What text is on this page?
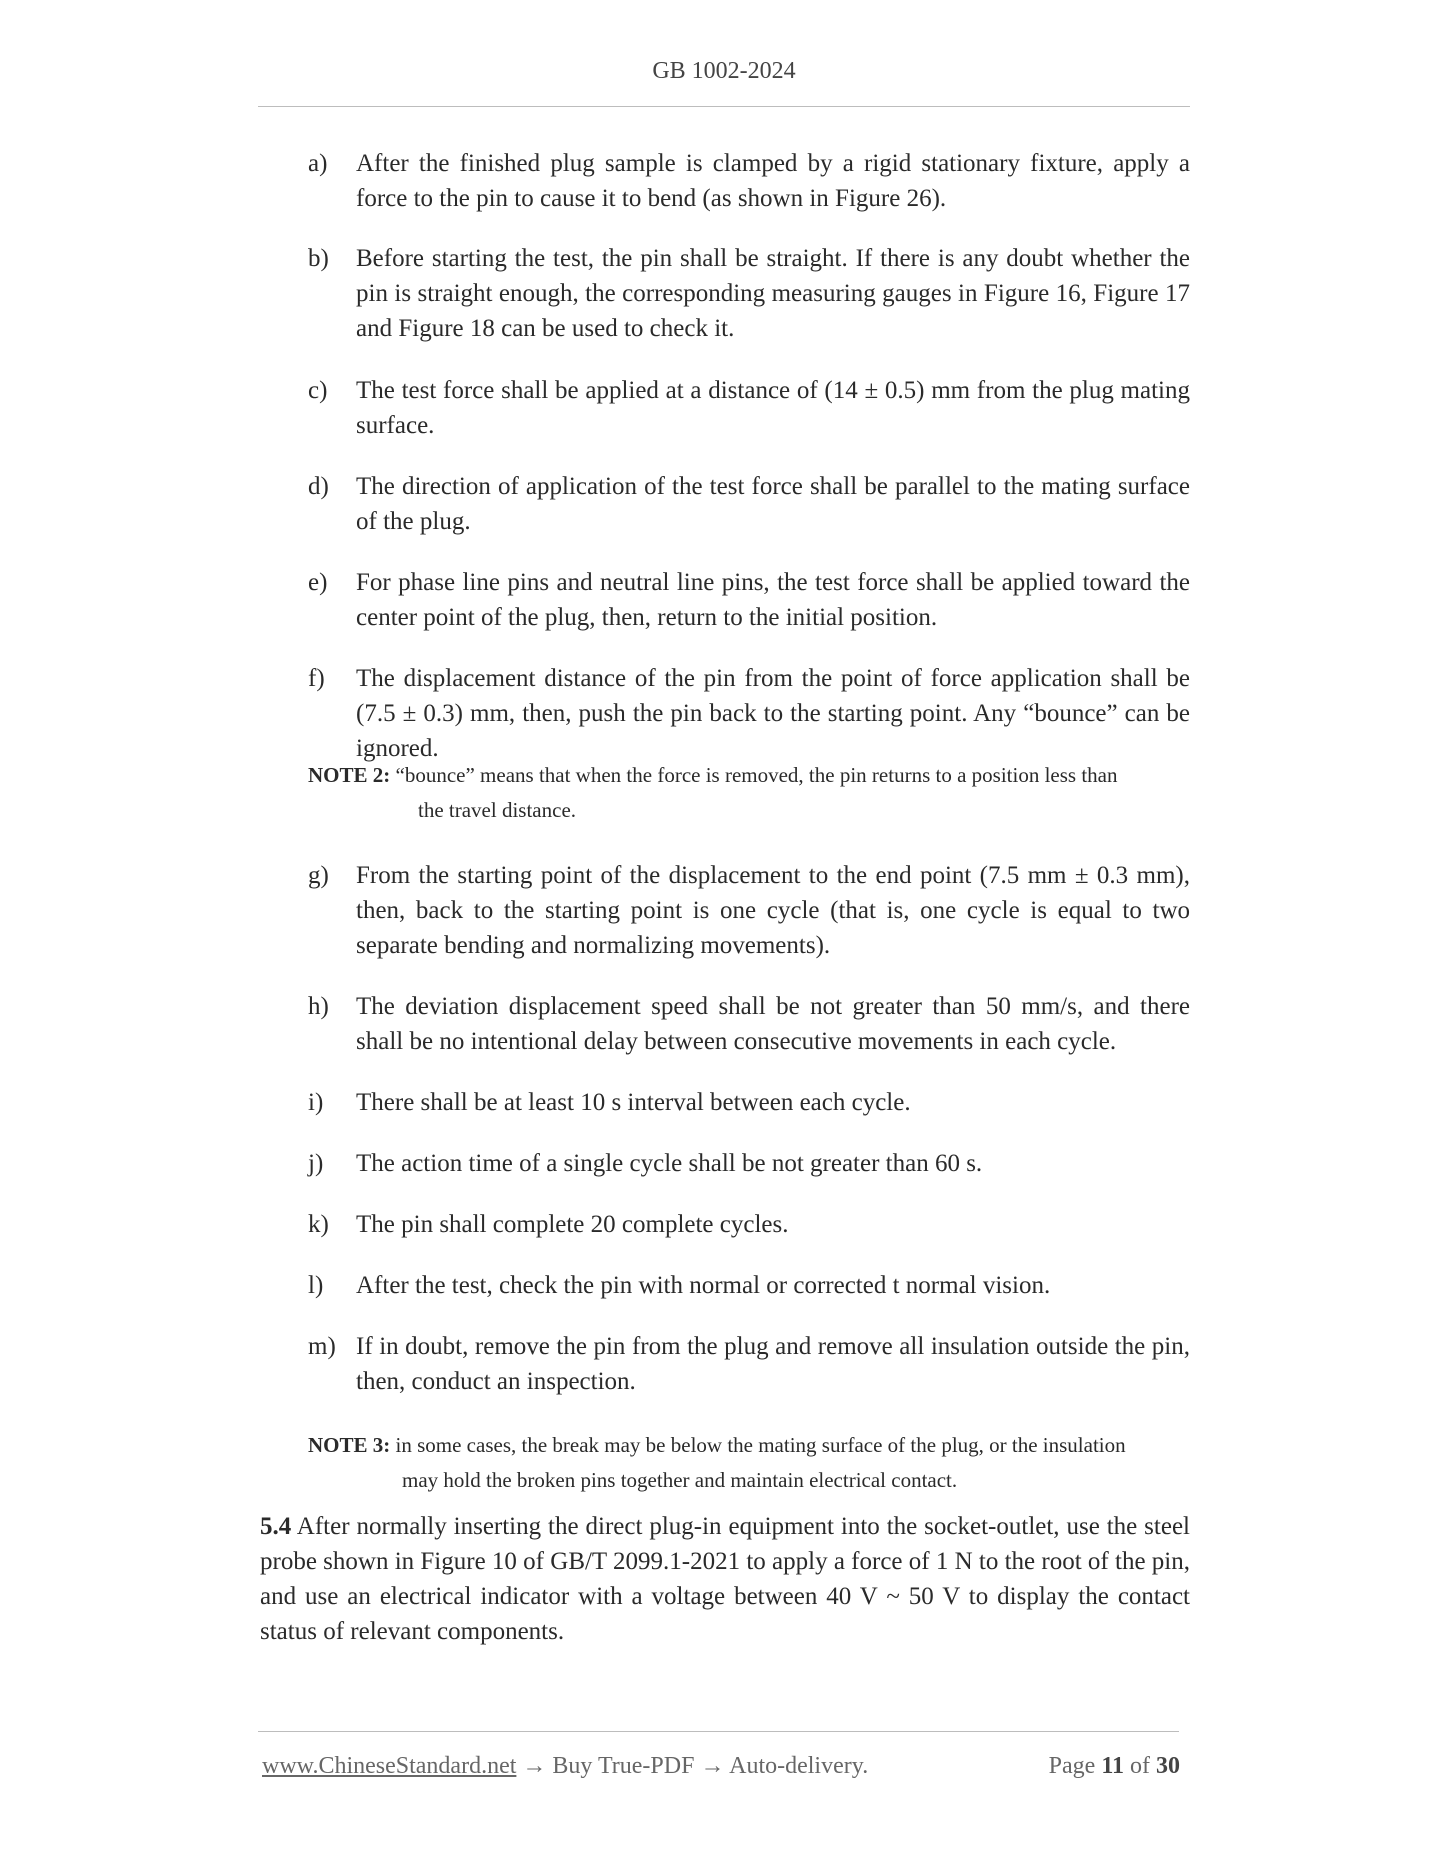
GB 1002-2024
a)	After the finished plug sample is clamped by a rigid stationary fixture, apply a force to the pin to cause it to bend (as shown in Figure 26).
b)	Before starting the test, the pin shall be straight. If there is any doubt whether the pin is straight enough, the corresponding measuring gauges in Figure 16, Figure 17 and Figure 18 can be used to check it.
c)	The test force shall be applied at a distance of (14 ± 0.5) mm from the plug mating surface.
d)	The direction of application of the test force shall be parallel to the mating surface of the plug.
e)	For phase line pins and neutral line pins, the test force shall be applied toward the center point of the plug, then, return to the initial position.
f)	The displacement distance of the pin from the point of force application shall be (7.5 ± 0.3) mm, then, push the pin back to the starting point. Any “bounce” can be ignored.
NOTE 2: “bounce” means that when the force is removed, the pin returns to a position less than
the travel distance.
g)	From the starting point of the displacement to the end point (7.5 mm ± 0.3 mm), then, back to the starting point is one cycle (that is, one cycle is equal to two separate bending and normalizing movements).
h)	The deviation displacement speed shall be not greater than 50 mm/s, and there shall be no intentional delay between consecutive movements in each cycle.
i)	There shall be at least 10 s interval between each cycle.
j)	The action time of a single cycle shall be not greater than 60 s.
k)	The pin shall complete 20 complete cycles.
l)	After the test, check the pin with normal or corrected t normal vision.
m) If in doubt, remove the pin from the plug and remove all insulation outside the pin, then, conduct an inspection.
NOTE 3: in some cases, the break may be below the mating surface of the plug, or the insulation
may hold the broken pins together and maintain electrical contact.
5.4 After normally inserting the direct plug-in equipment into the socket-outlet, use the steel probe shown in Figure 10 of GB/T 2099.1-2021 to apply a force of 1 N to the root of the pin, and use an electrical indicator with a voltage between 40 V ~ 50 V to display the contact status of relevant components.
www.ChineseStandard.net → Buy True-PDF → Auto-delivery.	Page 11 of 30
